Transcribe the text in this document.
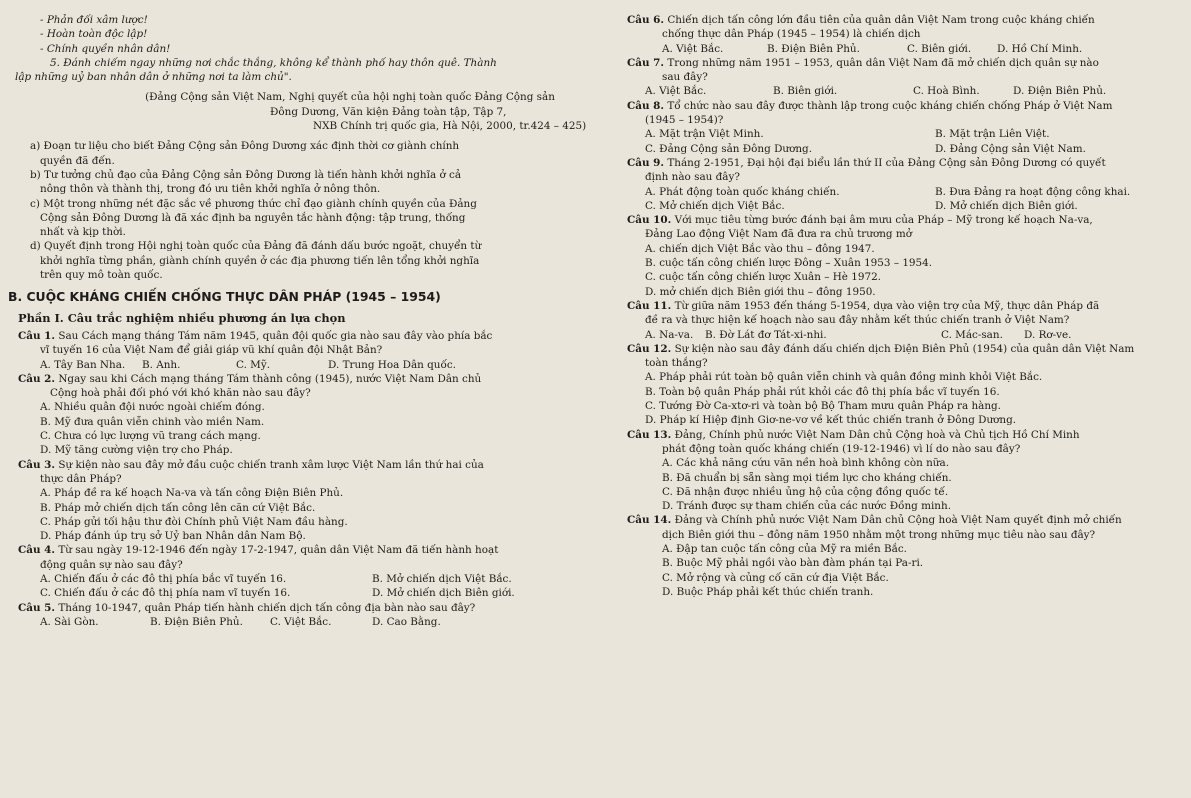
- Phản đối xâm lược!

- Hoàn toàn độc lập!

- Chính quyền nhân dân!

5. Đánh chiếm ngay những nơi chắc thắng, không kể thành phố hay thôn quê. Thành

lập những uỷ ban nhân dân ở những nơi ta làm chủ".

(Đảng Cộng sản Việt Nam, Nghị quyết của hội nghị toàn quốc Đảng Cộng sản

Đông Dương, Văn kiện Đảng toàn tập, Tập 7,

NXB Chính trị quốc gia, Hà Nội, 2000, tr.424 – 425)

a) Đoạn tư liệu cho biết Đảng Cộng sản Đông Dương xác định thời cơ giành chính

quyền đã đến.

b) Tư tưởng chủ đạo của Đảng Cộng sản Đông Dương là tiến hành khởi nghĩa ở cả

nông thôn và thành thị, trong đó ưu tiên khởi nghĩa ở nông thôn.

c) Một trong những nét đặc sắc về phương thức chỉ đạo giành chính quyền của Đảng

Cộng sản Đông Dương là đã xác định ba nguyên tắc hành động: tập trung, thống

nhất và kịp thời.

d) Quyết định trong Hội nghị toàn quốc của Đảng đã đánh dấu bước ngoặt, chuyển từ

khởi nghĩa từng phần, giành chính quyền ở các địa phương tiến lên tổng khởi nghĩa

trên quy mô toàn quốc.

B. CUỘC KHÁNG CHIẾN CHỐNG THỰC DÂN PHÁP (1945 – 1954)
Phần I. Câu trắc nghiệm nhiều phương án lựa chọn

Câu 1. Sau Cách mạng tháng Tám năm 1945, quân đội quốc gia nào sau đây vào phía bắc

vĩ tuyến 16 của Việt Nam để giải giáp vũ khí quân đội Nhật Bản?

A. Tây Ban Nha.	B. Anh.	C. Mỹ.	D. Trung Hoa Dân quốc.

Câu 2. Ngay sau khi Cách mạng tháng Tám thành công (1945), nước Việt Nam Dân chủ

Cộng hoà phải đối phó với khó khăn nào sau đây?

A. Nhiều quân đội nước ngoài chiếm đóng.

B. Mỹ đưa quân viễn chinh vào miền Nam.

C. Chưa có lực lượng vũ trang cách mạng.

D. Mỹ tăng cường viện trợ cho Pháp.

Câu 3. Sự kiện nào sau đây mở đầu cuộc chiến tranh xâm lược Việt Nam lần thứ hai của

thực dân Pháp?

A. Pháp đề ra kế hoạch Na-va và tấn công Điện Biên Phủ.

B. Pháp mở chiến dịch tấn công lên căn cứ Việt Bắc.

C. Pháp gửi tối hậu thư đòi Chính phủ Việt Nam đầu hàng.

D. Pháp đánh úp trụ sở Uỷ ban Nhân dân Nam Bộ.

Câu 4. Từ sau ngày 19-12-1946 đến ngày 17-2-1947, quân dân Việt Nam đã tiến hành hoạt

động quân sự nào sau đây?

A. Chiến đấu ở các đô thị phía bắc vĩ tuyến 16.	B. Mở chiến dịch Việt Bắc.
C. Chiến đấu ở các đô thị phía nam vĩ tuyến 16.	D. Mở chiến dịch Biên giới.

Câu 5. Tháng 10-1947, quân Pháp tiến hành chiến dịch tấn công địa bàn nào sau đây?

A. Sài Gòn.	B. Điện Biên Phủ.	C. Việt Bắc.	D. Cao Bằng.

Câu 6. Chiến dịch tấn công lớn đầu tiên của quân dân Việt Nam trong cuộc kháng chiến

chống thực dân Pháp (1945 – 1954) là chiến dịch

A. Việt Bắc.	B. Điện Biên Phủ.	C. Biên giới.	D. Hồ Chí Minh.

Câu 7. Trong những năm 1951 – 1953, quân dân Việt Nam đã mở chiến dịch quân sự nào

sau đây?

A. Việt Bắc.	B. Biên giới.	C. Hoà Bình.	D. Điện Biên Phủ.

Câu 8. Tổ chức nào sau đây được thành lập trong cuộc kháng chiến chống Pháp ở Việt Nam

(1945 – 1954)?

A. Mặt trận Việt Minh.	B. Mặt trận Liên Việt.
C. Đảng Cộng sản Đông Dương.	D. Đảng Cộng sản Việt Nam.

Câu 9. Tháng 2-1951, Đại hội đại biểu lần thứ II của Đảng Cộng sản Đông Dương có quyết

định nào sau đây?

A. Phát động toàn quốc kháng chiến.	B. Đưa Đảng ra hoạt động công khai.
C. Mở chiến dịch Việt Bắc.	D. Mở chiến dịch Biên giới.

Câu 10. Với mục tiêu từng bước đánh bại âm mưu của Pháp – Mỹ trong kế hoạch Na-va,

Đảng Lao động Việt Nam đã đưa ra chủ trương mở

A. chiến dịch Việt Bắc vào thu – đông 1947.

B. cuộc tấn công chiến lược Đông – Xuân 1953 – 1954.

C. cuộc tấn công chiến lược Xuân – Hè 1972.

D. mở chiến dịch Biên giới thu – đông 1950.

Câu 11. Từ giữa năm 1953 đến tháng 5-1954, dựa vào viện trợ của Mỹ, thực dân Pháp đã

đề ra và thực hiện kế hoạch nào sau đây nhằm kết thúc chiến tranh ở Việt Nam?

A. Na-va.	B. Đờ Lát đơ Tát-xi-nhi.	C. Mác-san.	D. Rơ-ve.

Câu 12. Sự kiện nào sau đây đánh dấu chiến dịch Điện Biên Phủ (1954) của quân dân Việt Nam

toàn thắng?

A. Pháp phải rút toàn bộ quân viễn chinh và quân đồng minh khỏi Việt Bắc.

B. Toàn bộ quân Pháp phải rút khỏi các đô thị phía bắc vĩ tuyến 16.

C. Tướng Đờ Ca-xtơ-ri và toàn bộ Bộ Tham mưu quân Pháp ra hàng.

D. Pháp kí Hiệp định Giơ-ne-vơ về kết thúc chiến tranh ở Đông Dương.

Câu 13. Đảng, Chính phủ nước Việt Nam Dân chủ Cộng hoà và Chủ tịch Hồ Chí Minh

phát động toàn quốc kháng chiến (19-12-1946) vì lí do nào sau đây?

A. Các khả năng cứu vãn nền hoà bình không còn nữa.

B. Đã chuẩn bị sẵn sàng mọi tiềm lực cho kháng chiến.

C. Đã nhận được nhiều ủng hộ của cộng đồng quốc tế.

D. Tránh được sự tham chiến của các nước Đồng minh.

Câu 14. Đảng và Chính phủ nước Việt Nam Dân chủ Cộng hoà Việt Nam quyết định mở chiến

dịch Biên giới thu – đông năm 1950 nhằm một trong những mục tiêu nào sau đây?

A. Đập tan cuộc tấn công của Mỹ ra miền Bắc.

B. Buộc Mỹ phải ngồi vào bàn đàm phán tại Pa-ri.

C. Mở rộng và củng cố căn cứ địa Việt Bắc.

D. Buộc Pháp phải kết thúc chiến tranh.
